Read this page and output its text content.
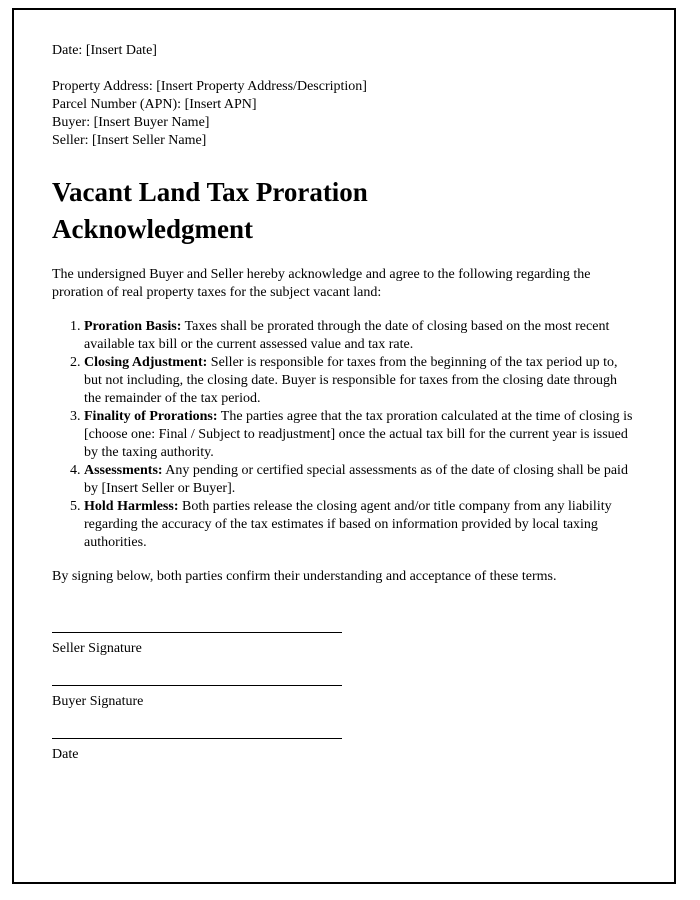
Date: [Insert Date]
Property Address: [Insert Property Address/Description]
Parcel Number (APN): [Insert APN]
Buyer: [Insert Buyer Name]
Seller: [Insert Seller Name]
Vacant Land Tax Proration Acknowledgment

The undersigned Buyer and Seller hereby acknowledge and agree to the following regarding the proration of real property taxes for the subject vacant land:

1. Proration Basis: Taxes shall be prorated through the date of closing based on the most recent available tax bill or the current assessed value and tax rate.
2. Closing Adjustment: Seller is responsible for taxes from the beginning of the tax period up to, but not including, the closing date. Buyer is responsible for taxes from the closing date through the remainder of the tax period.
3. Finality of Prorations: The parties agree that the tax proration calculated at the time of closing is [choose one: Final / Subject to readjustment] once the actual tax bill for the current year is issued by the taxing authority.
4. Assessments: Any pending or certified special assessments as of the date of closing shall be paid by [Insert Seller or Buyer].
5. Hold Harmless: Both parties release the closing agent and/or title company from any liability regarding the accuracy of the tax estimates if based on information provided by local taxing authorities.

By signing below, both parties confirm their understanding and acceptance of these terms.

Seller Signature
Buyer Signature
Date
